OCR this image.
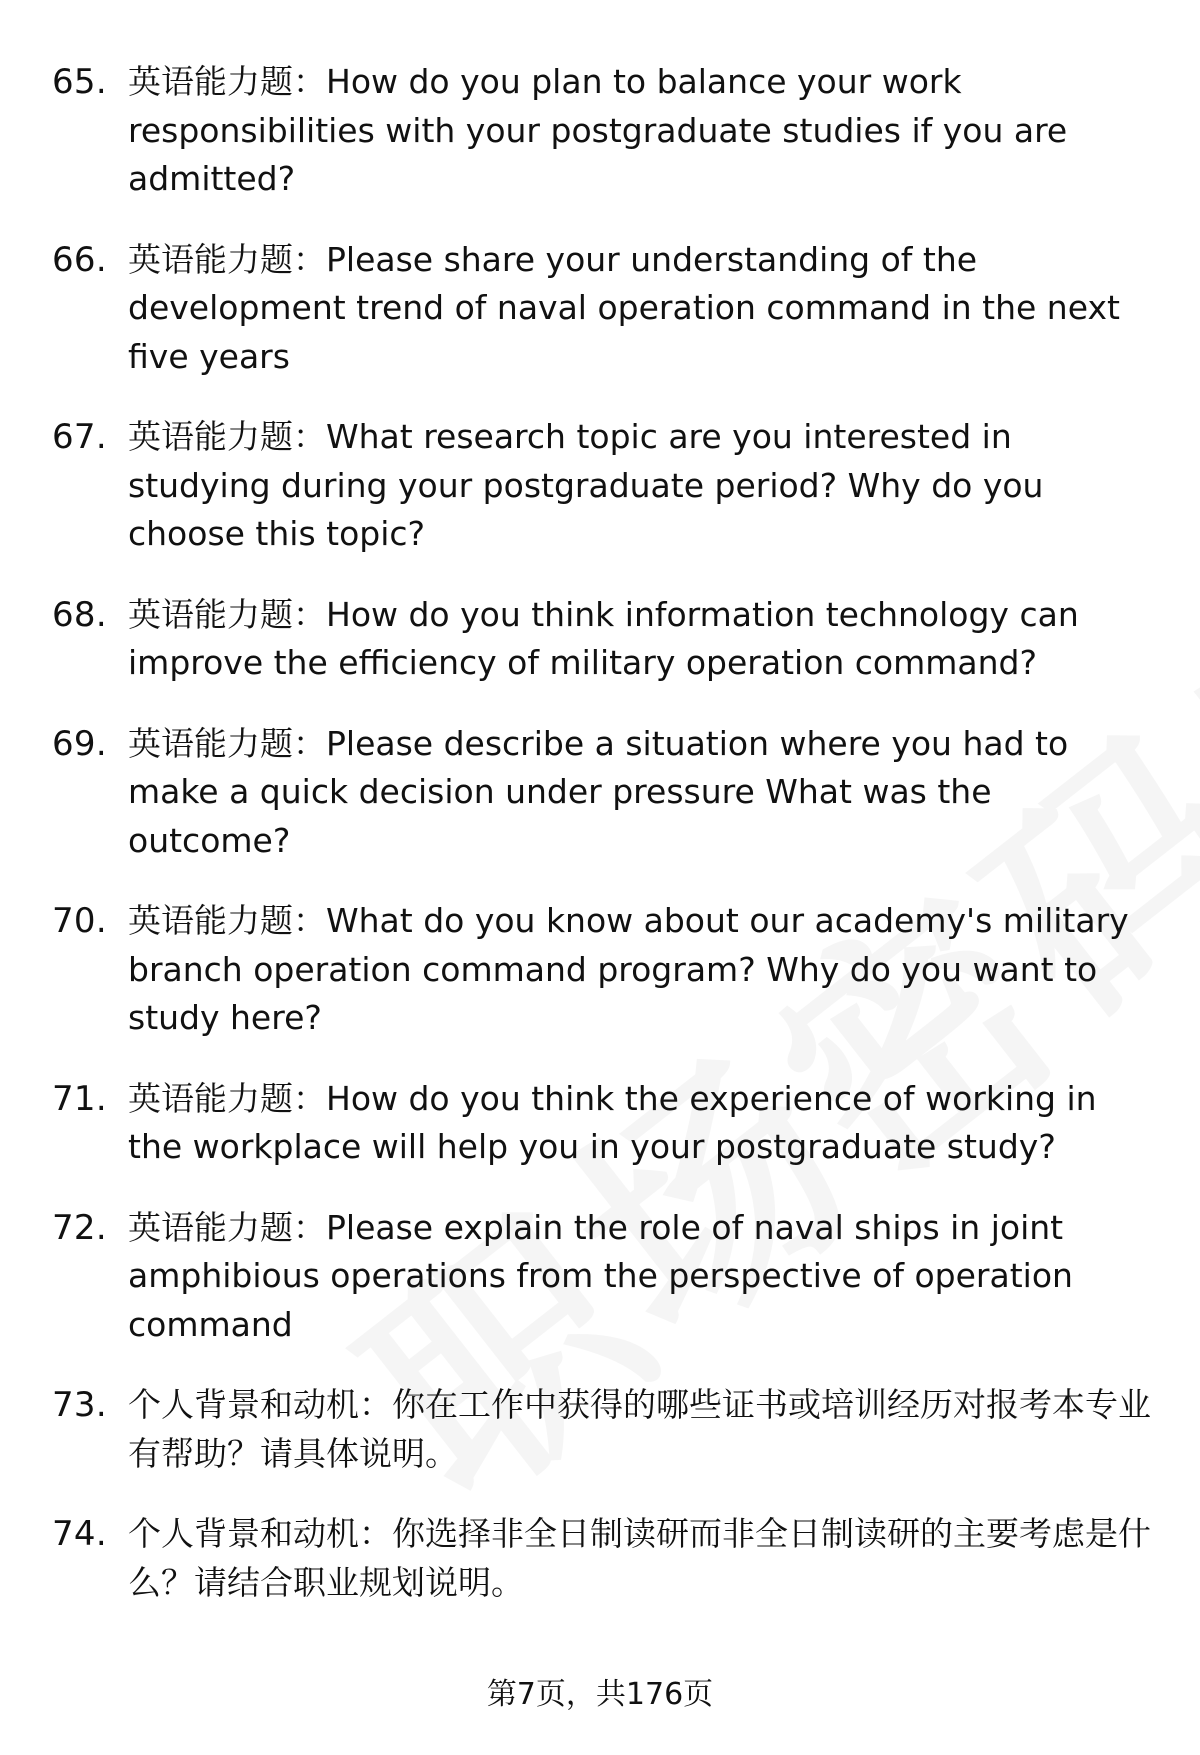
65. 英语能力题：How do you plan to balance your work responsibilities with your postgraduate studies if you are admitted?
66. 英语能力题：Please share your understanding of the development trend of naval operation command in the next five years
67. 英语能力题：What research topic are you interested in studying during your postgraduate period? Why do you choose this topic?
68. 英语能力题：How do you think information technology can improve the efficiency of military operation command?
69. 英语能力题：Please describe a situation where you had to make a quick decision under pressure What was the outcome?
70. 英语能力题：What do you know about our academy's military branch operation command program? Why do you want to study here?
71. 英语能力题：How do you think the experience of working in the workplace will help you in your postgraduate study?
72. 英语能力题：Please explain the role of naval ships in joint amphibious operations from the perspective of operation command
73. 个人背景和动机：你在工作中获得的哪些证书或培训经历对报考本专业有帮助？请具体说明。
74. 个人背景和动机：你选择非全日制读研而非全日制读研的主要考虑是什么？请结合职业规划说明。
第7页，共176页
